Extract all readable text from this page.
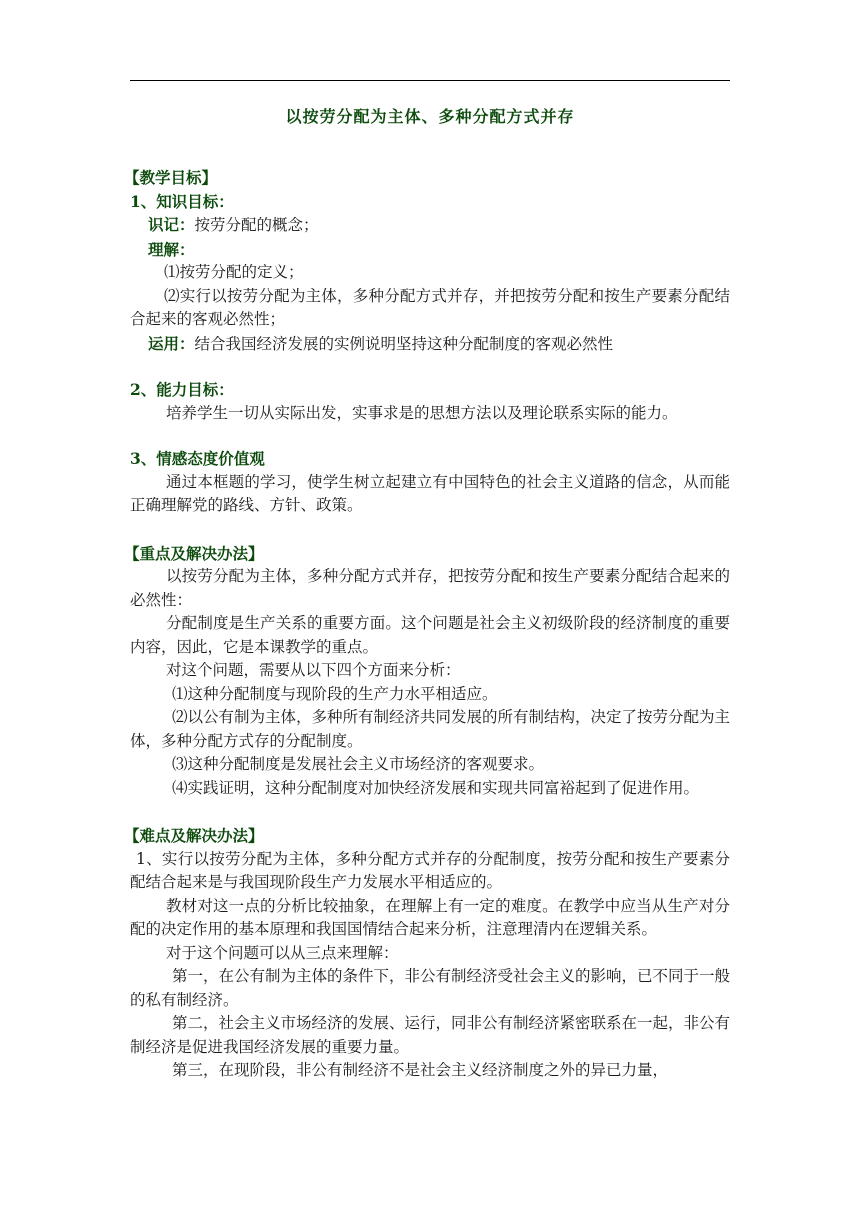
以按劳分配为主体、多种分配方式并存

【教学目标】

1、知识目标：

识记：按劳分配的概念；

理解：

⑴按劳分配的定义；

⑵实行以按劳分配为主体，多种分配方式并存，并把按劳分配和按生产要素分配结合起来的客观必然性；

运用：结合我国经济发展的实例说明坚持这种分配制度的客观必然性

2、能力目标：

培养学生一切从实际出发，实事求是的思想方法以及理论联系实际的能力。

3、情感态度价值观

通过本框题的学习，使学生树立起建立有中国特色的社会主义道路的信念，从而能正确理解党的路线、方针、政策。

【重点及解决办法】

以按劳分配为主体，多种分配方式并存，把按劳分配和按生产要素分配结合起来的必然性：

分配制度是生产关系的重要方面。这个问题是社会主义初级阶段的经济制度的重要内容，因此，它是本课教学的重点。

对这个问题，需要从以下四个方面来分析：

⑴这种分配制度与现阶段的生产力水平相适应。

⑵以公有制为主体，多种所有制经济共同发展的所有制结构，决定了按劳分配为主体，多种分配方式存的分配制度。

⑶这种分配制度是发展社会主义市场经济的客观要求。

⑷实践证明，这种分配制度对加快经济发展和实现共同富裕起到了促进作用。

【难点及解决办法】

1、实行以按劳分配为主体，多种分配方式并存的分配制度，按劳分配和按生产要素分配结合起来是与我国现阶段生产力发展水平相适应的。

教材对这一点的分析比较抽象，在理解上有一定的难度。在教学中应当从生产对分配的决定作用的基本原理和我国国情结合起来分析，注意理清内在逻辑关系。

对于这个问题可以从三点来理解：

第一，在公有制为主体的条件下，非公有制经济受社会主义的影响，已不同于一般的私有制经济。

第二，社会主义市场经济的发展、运行，同非公有制经济紧密联系在一起，非公有制经济是促进我国经济发展的重要力量。

第三，在现阶段，非公有制经济不是社会主义经济制度之外的异已力量，
